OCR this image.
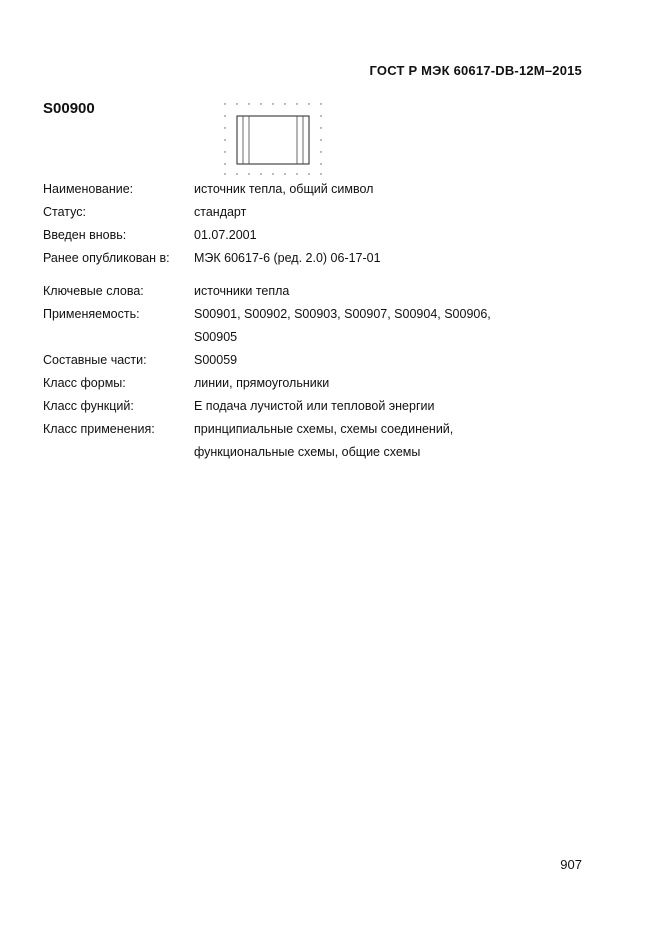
ГОСТ Р МЭК 60617-DB-12М–2015
S00900
Наименование:	источник тепла, общий символ
Статус:	стандарт
Введен вновь:	01.07.2001
Ранее опубликован в:	МЭК 60617-6 (ред. 2.0) 06-17-01
Ключевые слова:	источники тепла
Применяемость:	S00901, S00902, S00903, S00907, S00904, S00906, S00905
Составные части:	S00059
Класс формы:	линии, прямоугольники
Класс функций:	Е подача лучистой или тепловой энергии
Класс применения:	принципиальные схемы, схемы соединений, функциональные схемы, общие схемы
907
